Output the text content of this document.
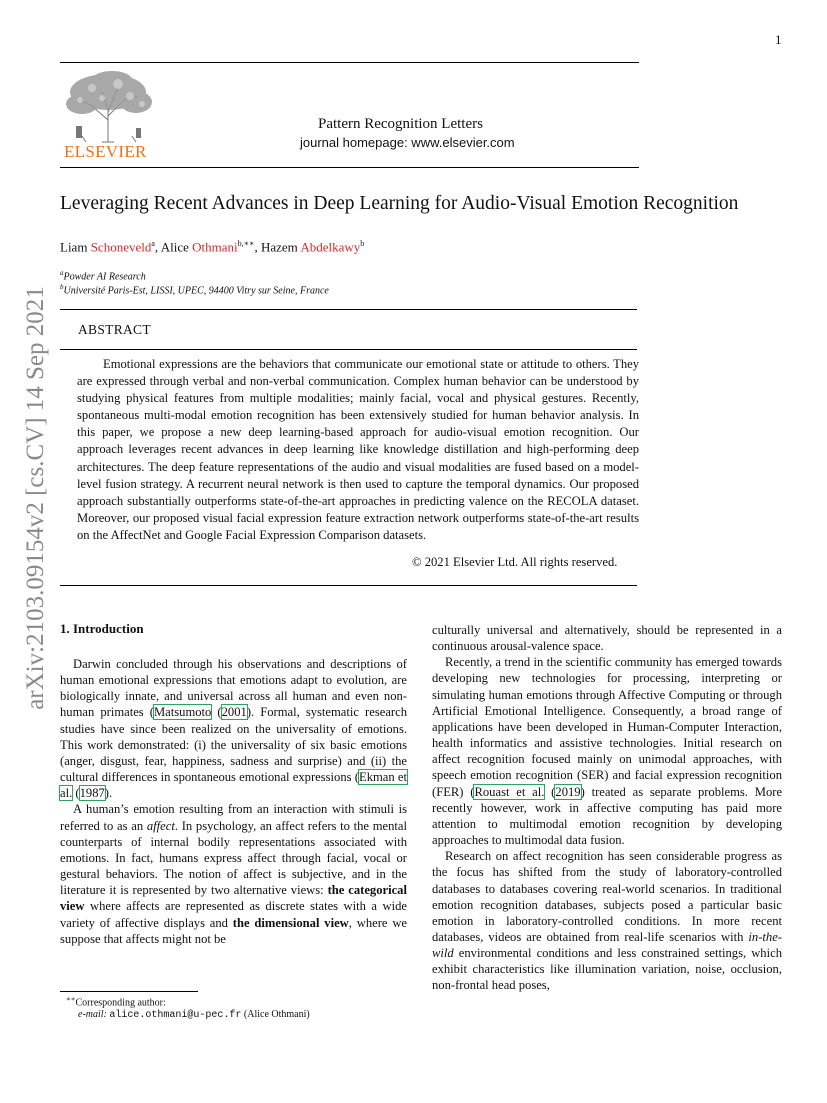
arXiv:2103.09154v2 [cs.CV] 14 Sep 2021
1
ELSEVIER
Pattern Recognition Letters
journal homepage: www.elsevier.com
Leveraging Recent Advances in Deep Learning for Audio-Visual Emotion Recognition
Liam Schoneveld$^a$, Alice Othmani$^{b,∗∗}$, Hazem Abdelkawy$^b$
$^a$Powder AI Research
$^b$Université Paris-Est, LISSI, UPEC, 94400 Vitry sur Seine, France
ABSTRACT
Emotional expressions are the behaviors that communicate our emotional state or attitude to others. They are expressed through verbal and non-verbal communication. Complex human behavior can be understood by studying physical features from multiple modalities; mainly facial, vocal and physical gestures. Recently, spontaneous multi-modal emotion recognition has been extensively studied for human behavior analysis. In this paper, we propose a new deep learning-based approach for audio-visual emotion recognition. Our approach leverages recent advances in deep learning like knowledge distillation and high-performing deep architectures. The deep feature representations of the audio and visual modalities are fused based on a model-level fusion strategy. A recurrent neural network is then used to capture the temporal dynamics. Our proposed approach substantially outperforms state-of-the-art approaches in predicting valence on the RECOLA dataset. Moreover, our proposed visual facial expression feature extraction network outperforms state-of-the-art results on the AffectNet and Google Facial Expression Comparison datasets.
© 2021 Elsevier Ltd. All rights reserved.
1. Introduction

Darwin concluded through his observations and descriptions of human emotional expressions that emotions adapt to evolution, are biologically innate, and universal across all human and even non-human primates (Matsumoto (2001). Formal, systematic research studies have since been realized on the universality of emotions. This work demonstrated: (i) the universality of six basic emotions (anger, disgust, fear, happiness, sadness and surprise) and (ii) the cultural differences in spontaneous emotional expressions (Ekman et al. (1987).

A human’s emotion resulting from an interaction with stimuli is referred to as an affect. In psychology, an affect refers to the mental counterparts of internal bodily representations associated with emotions. In fact, humans express affect through facial, vocal or gestural behaviors. The notion of affect is subjective, and in the literature it is represented by two alternative views: the categorical view where affects are represented as discrete states with a wide variety of affective displays and the dimensional view, where we suppose that affects might not be

culturally universal and alternatively, should be represented in a continuous arousal-valence space.

Recently, a trend in the scientific community has emerged towards developing new technologies for processing, interpreting or simulating human emotions through Affective Computing or through Artificial Emotional Intelligence. Consequently, a broad range of applications have been developed in Human-Computer Interaction, health informatics and assistive technologies. Initial research on affect recognition focused mainly on unimodal approaches, with speech emotion recognition (SER) and facial expression recognition (FER) (Rouast et al. (2019) treated as separate problems. More recently however, work in affective computing has paid more attention to multimodal emotion recognition by developing approaches to multimodal data fusion.

Research on affect recognition has seen considerable progress as the focus has shifted from the study of laboratory-controlled databases to databases covering real-world scenarios. In traditional emotion recognition databases, subjects posed a particular basic emotion in laboratory-controlled conditions. In more recent databases, videos are obtained from real-life scenarios with in-the-wild environmental conditions and less constrained settings, which exhibit characteristics like illumination variation, noise, occlusion, non-frontal head poses,

∗∗Corresponding author:
e-mail: alice.othmani@u-pec.fr (Alice Othmani)
